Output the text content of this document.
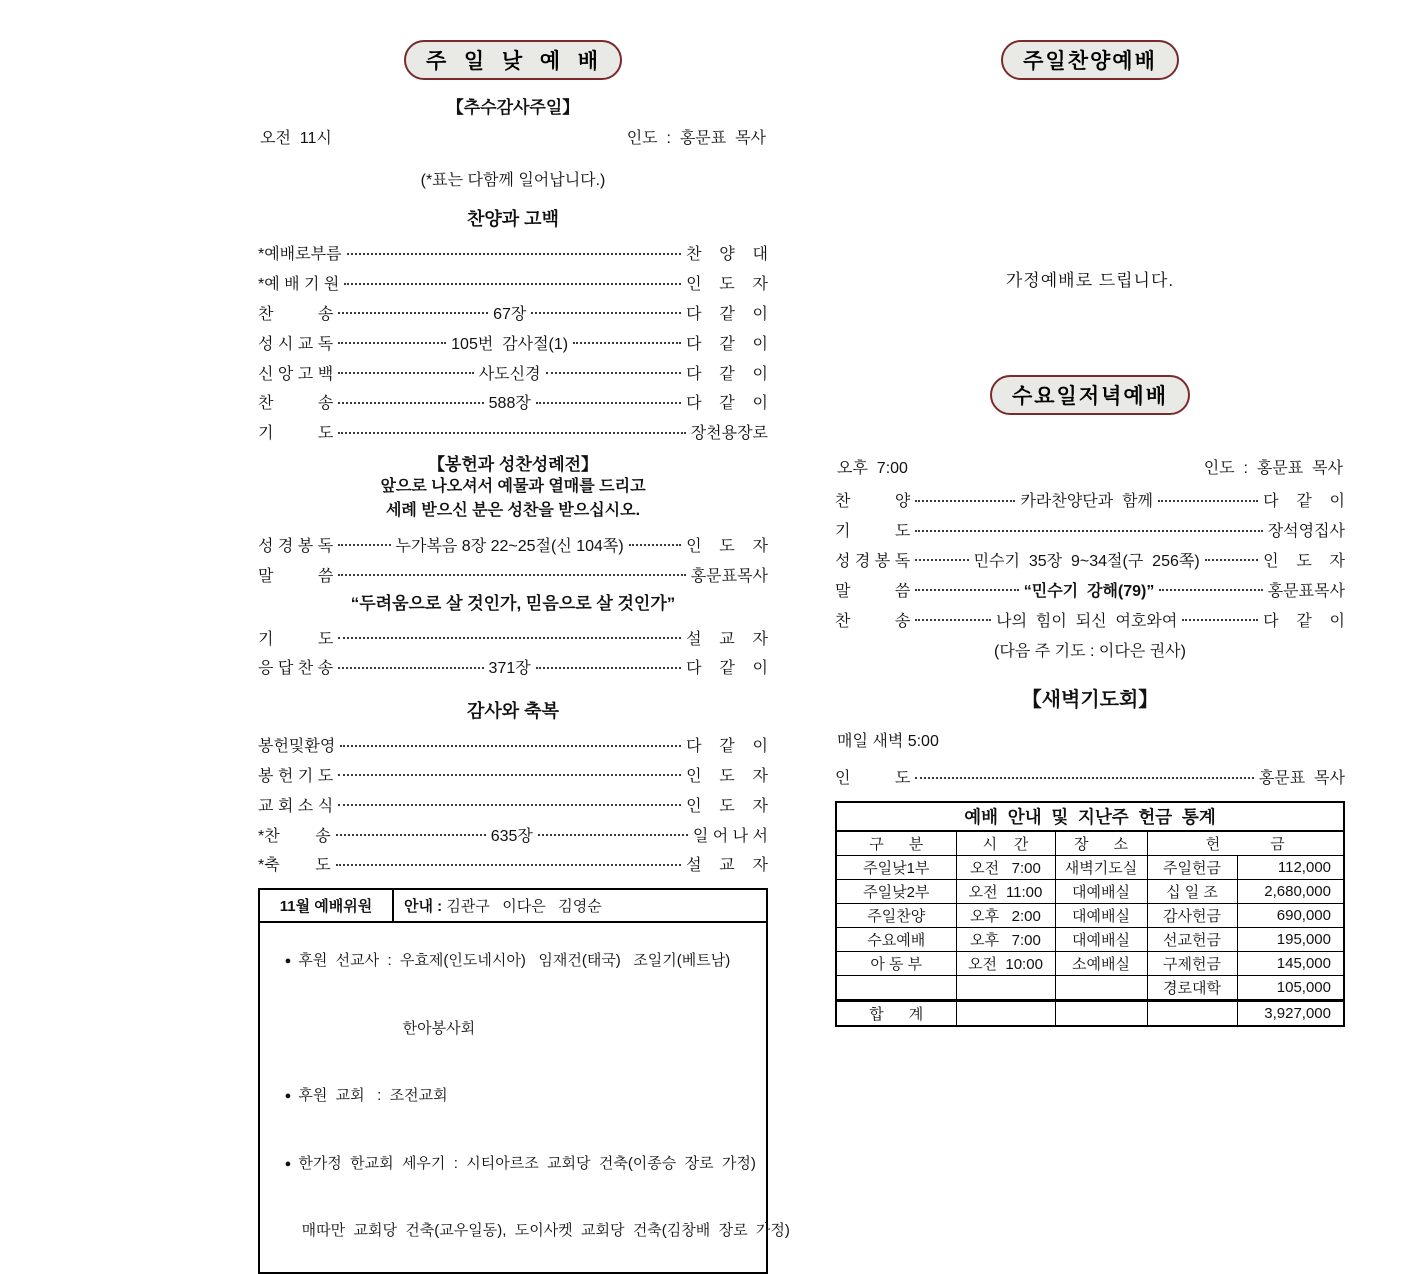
주  일  낮  예  배
【추수감사주일】
오전  11시	인도  :  홍문표  목사
(*표는 다함께 일어납니다.)
찬양과 고백
*예배로부름	찬    양    대
*예 배 기 원	인    도    자
찬          송	67장	다    같    이
성 시 교 독	105번  감사절(1)	다    같    이
신 앙 고 백	사도신경	다    같    이
찬          송	588장	다    같    이
기          도	장천용장로
【봉헌과 성찬성례전】
앞으로 나오셔서 예물과 열매를 드리고
세례 받으신 분은 성찬을 받으십시오.
성 경 봉 독	누가복음 8장 22~25절(신 104쪽)	인    도    자
말          씀	홍문표목사
“두려움으로 살 것인가, 믿음으로 살 것인가”
기          도	설    교    자
응 답 찬 송	371장	다    같    이
감사와 축복
봉헌및환영	다    같    이
봉 헌 기 도	인    도    자
교 회 소 식	인    도    자
*찬        송	635장	일 어 나 서
*축        도	설    교    자
11월 예배위원	안내 : 김관구   이다은   김영순

● 후원  선교사  :  우효제(인도네시아)   임재건(태국)   조일기(베트남)

한아봉사회

● 후원  교회   :  조전교회

● 한가정  한교회  세우기  :  시티아르조  교회당  건축(이종승  장로  가정)

매따만  교회당  건축(교우일동),  도이사켓  교회당  건축(김창배  장로  가정)

주일찬양예배
가정예배로 드립니다.
수요일저녁예배
오후  7:00	인도  :  홍문표  목사
찬          양	카라찬양단과  함께	다    같    이
기          도	장석영집사
성 경 봉 독	민수기  35장  9~34절(구  256쪽)	인    도    자
말          씀	“민수기  강해(79)”	홍문표목사
찬          송	나의  힘이  되신  여호와여	다    같    이
(다음 주 기도 : 이다은 권사)
【새벽기도회】
매일 새벽 5:00
인          도	홍문표  목사
예배  안내  및  지난주  헌금  통계				
구      분	시    간	장      소	헌            금	
주일낮1부	오전   7:00	새벽기도실	주일헌금	112,000
주일낮2부	오전  11:00	대예배실	십 일 조	2,680,000
주일찬양	오후   2:00	대예배실	감사헌금	690,000
수요예배	오후   7:00	대예배실	선교헌금	195,000
아 동 부	오전  10:00	소예배실	구제헌금	145,000
			경로대학	105,000
합      계				3,927,000
